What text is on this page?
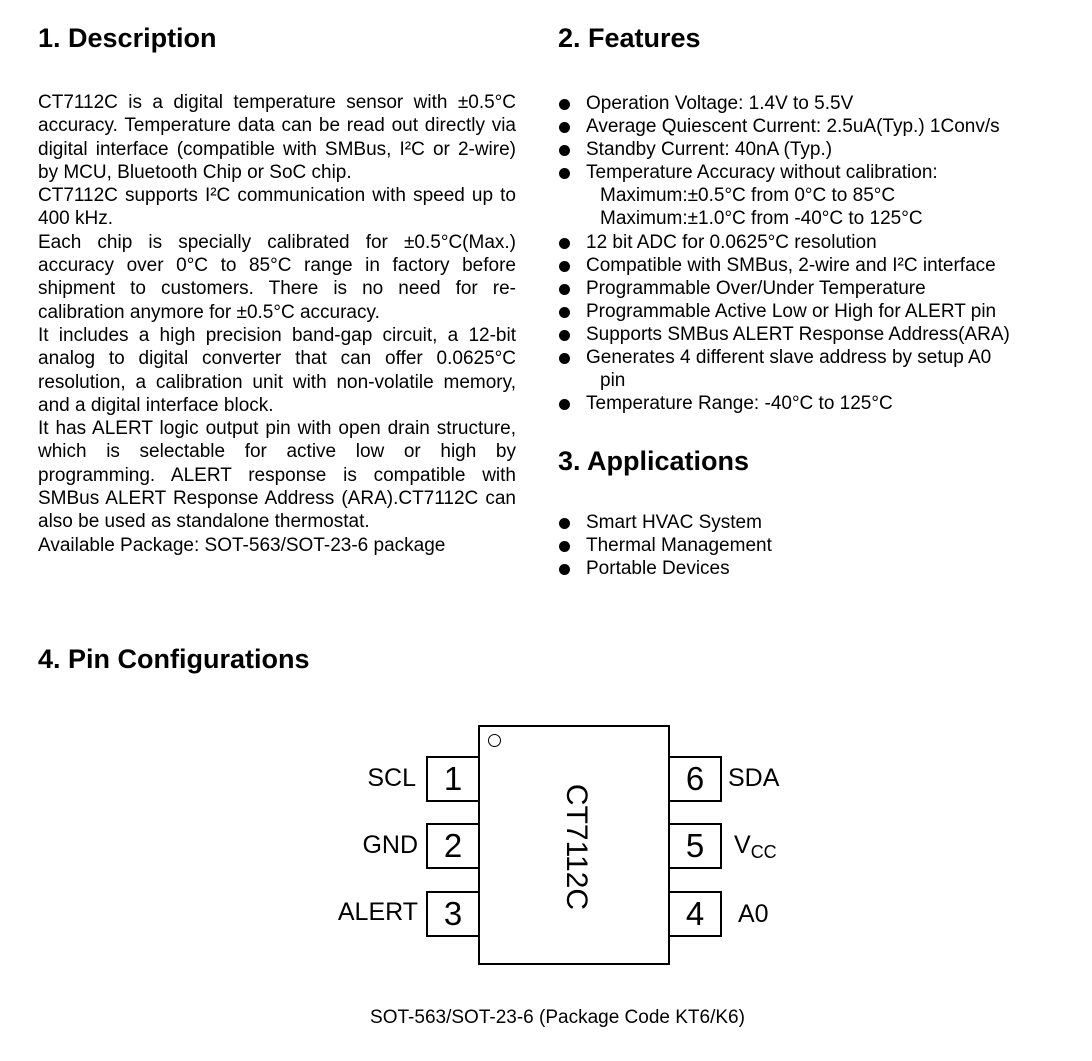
1. Description	2. Features
3. Applications
4. Pin Configurations

CT7112C is a digital temperature sensor with ±0.5°C accuracy. Temperature data can be read out directly via digital interface (compatible with SMBus, I²C or 2-wire) by MCU, Bluetooth Chip or SoC chip.

CT7112C supports I²C communication with speed up to 400 kHz.

Each chip is specially calibrated for ±0.5°C(Max.) accuracy over 0°C to 85°C range in factory before shipment to customers. There is no need for re-calibration anymore for ±0.5°C accuracy.

It includes a high precision band-gap circuit, a 12-bit analog to digital converter that can offer 0.0625°C resolution, a calibration unit with non-volatile memory, and a digital interface block.

It has ALERT logic output pin with open drain structure, which is selectable for active low or high by programming. ALERT response is compatible with SMBus ALERT Response Address (ARA).CT7112C can also be used as standalone thermostat.

Available Package: SOT-563/SOT-23-6 package

Operation Voltage: 1.4V to 5.5V
Average Quiescent Current: 2.5uA(Typ.) 1Conv/s
Standby Current: 40nA (Typ.)
Temperature Accuracy without calibration:
Maximum:±0.5°C from 0°C to 85°C
Maximum:±1.0°C from -40°C to 125°C
12 bit ADC for 0.0625°C resolution
Compatible with SMBus, 2-wire and I²C interface
Programmable Over/Under Temperature
Programmable Active Low or High for ALERT pin
Supports SMBus ALERT Response Address(ARA)
Generates 4 different slave address by setup A0
pin
Temperature Range: -40°C to 125°C
Smart HVAC System
Thermal Management
Portable Devices
CT7112C
1
2
3
SCL
GND
ALERT
6
5
4
SDA
$V_{CC}$
A0
SOT-563/SOT-23-6 (Package Code KT6/K6)
